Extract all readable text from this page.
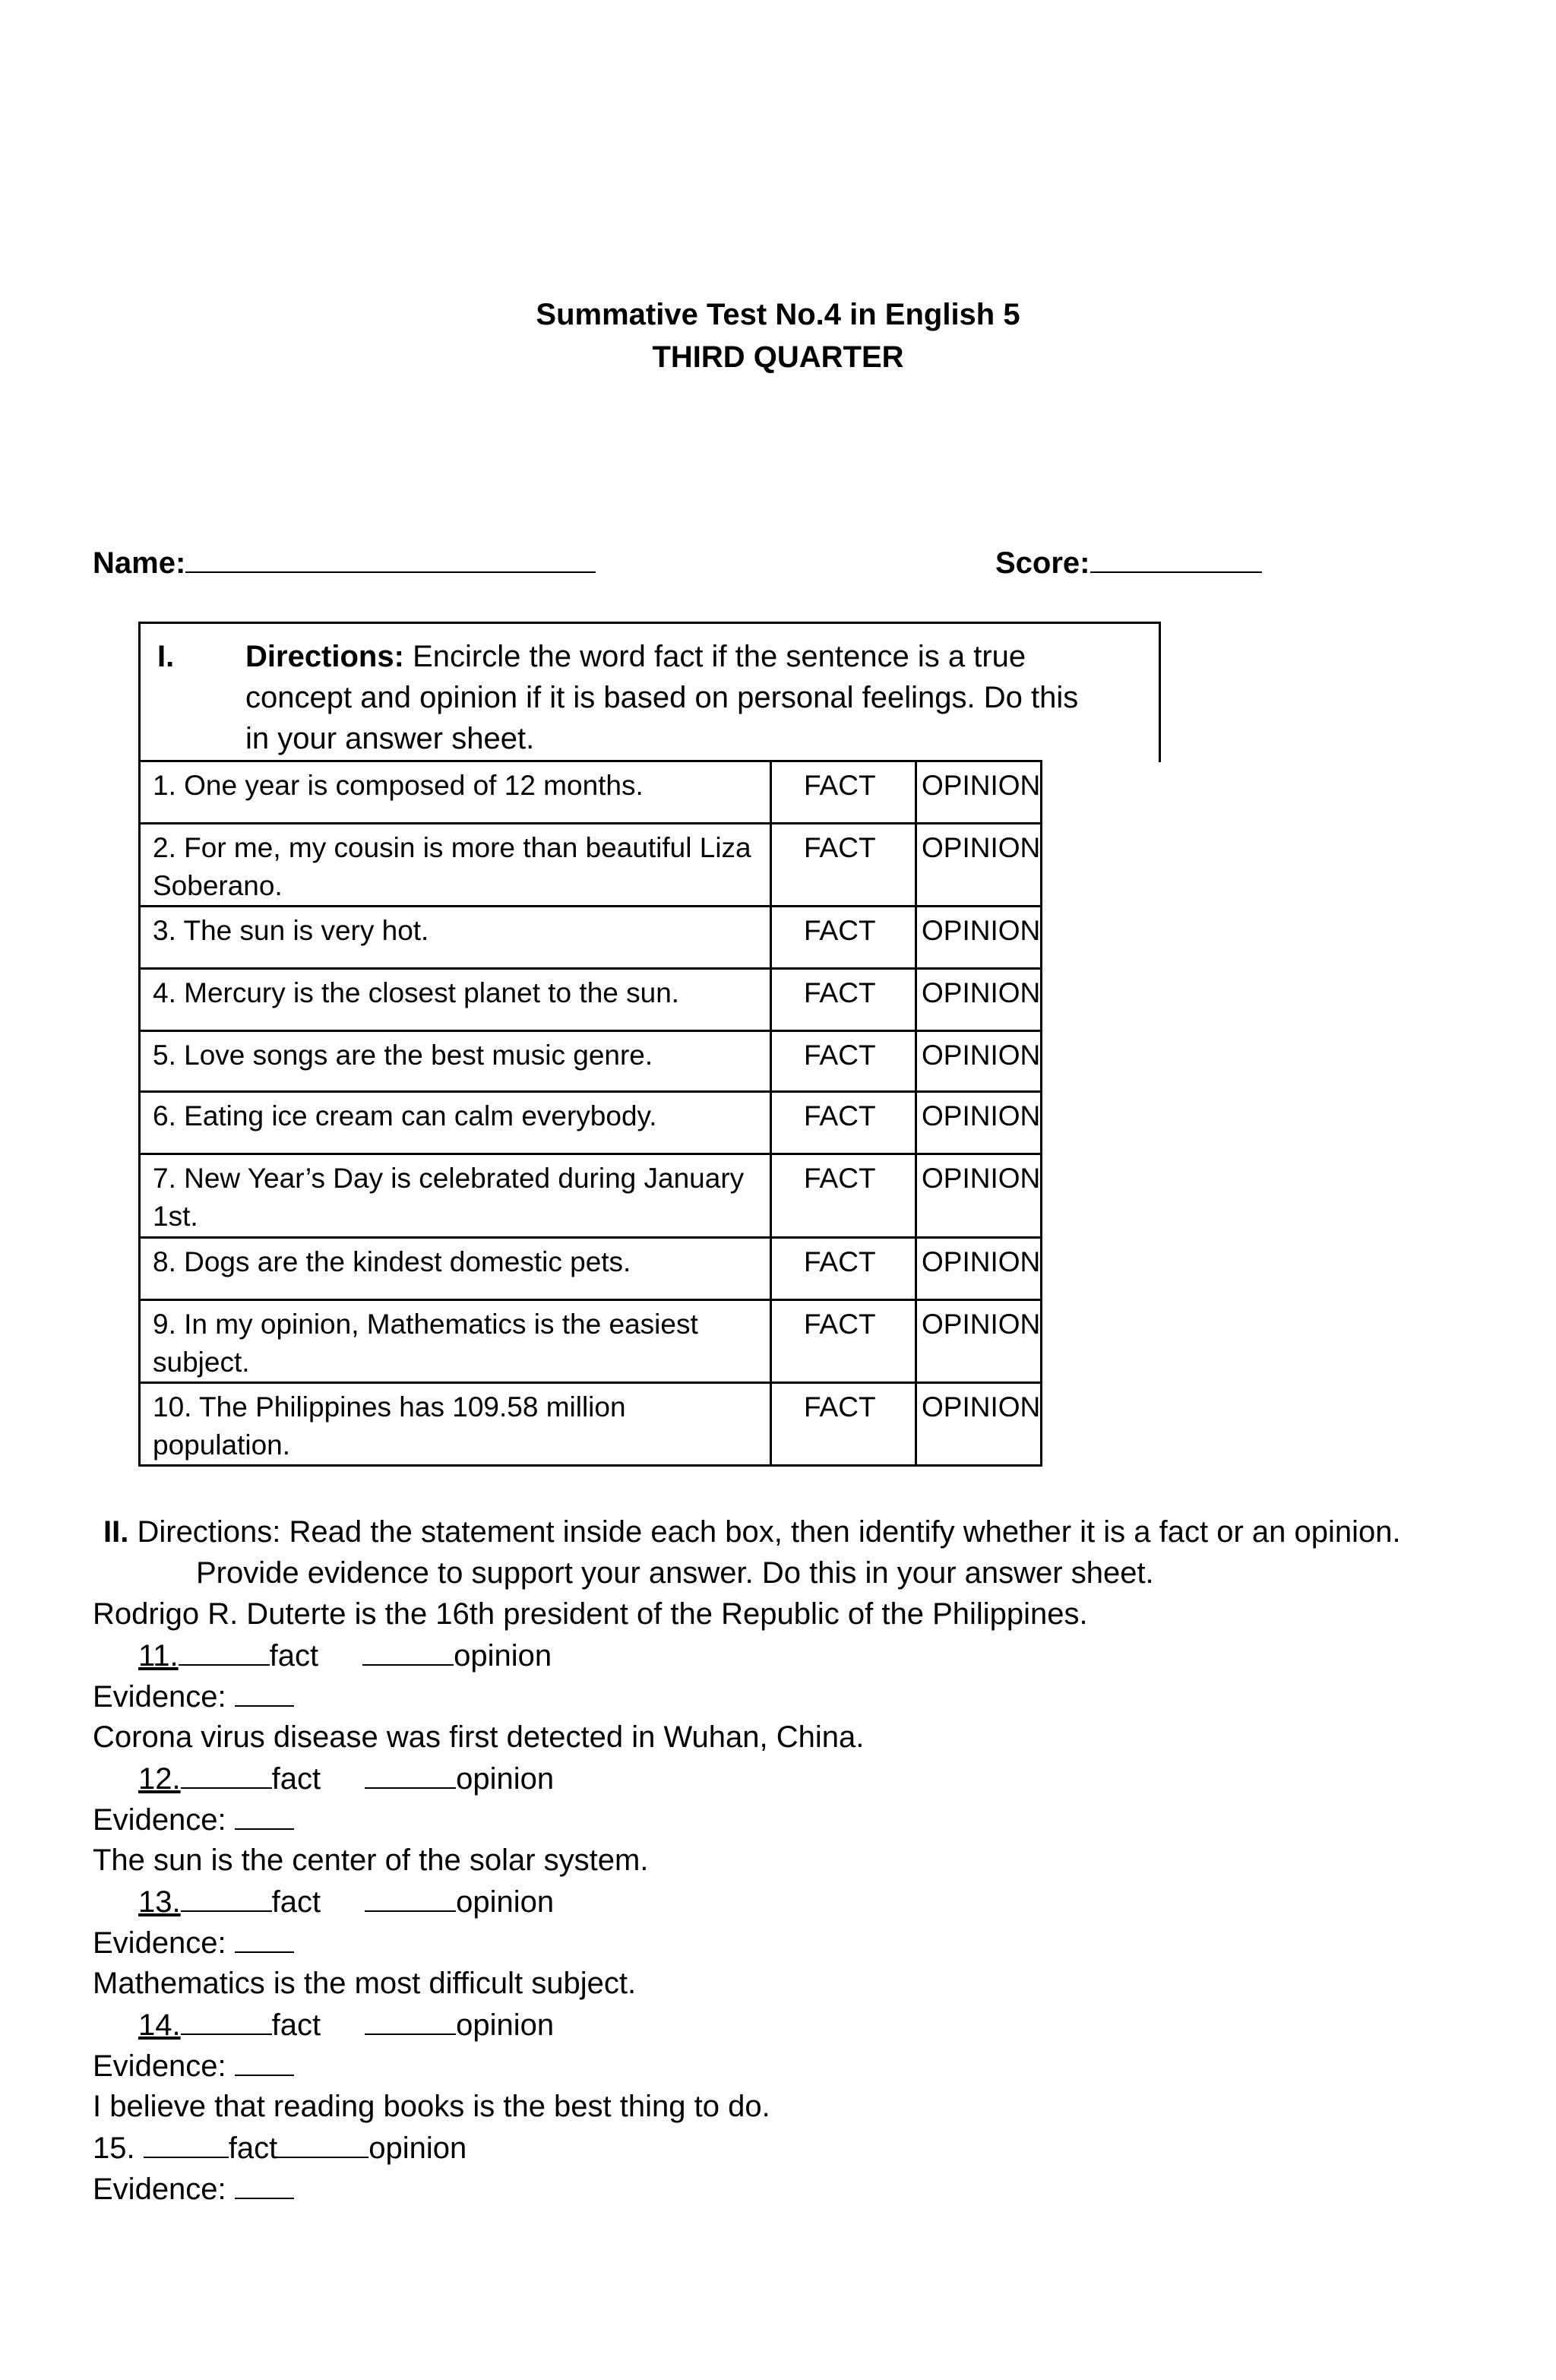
Summative Test No.4 in English 5
THIRD QUARTER
Name:	Score:
I. Directions: Encircle the word fact if the sentence is a true
concept and opinion if it is based on personal feelings. Do this
in your answer sheet.
1. One year is composed of 12 months.	FACT	OPINION
2. For me, my cousin is more than beautiful Liza
Soberano.	FACT	OPINION
3. The sun is very hot.	FACT	OPINION
4. Mercury is the closest planet to the sun.	FACT	OPINION
5. Love songs are the best music genre.	FACT	OPINION
6. Eating ice cream can calm everybody.	FACT	OPINION
7. New Year’s Day is celebrated during January
1st.	FACT	OPINION
8. Dogs are the kindest domestic pets.	FACT	OPINION
9. In my opinion, Mathematics is the easiest
subject.	FACT	OPINION
10. The Philippines has 109.58 million population.	FACT	OPINION
II. Directions: Read the statement inside each box, then identify whether it is a fact or an opinion.
Provide evidence to support your answer. Do this in your answer sheet.
Rodrigo R. Duterte is the 16th president of the Republic of the Philippines.
11.	fact	opinion
Evidence:
Corona virus disease was first detected in Wuhan, China.
12.	fact	opinion
Evidence:
The sun is the center of the solar system.
13.	fact	opinion
Evidence:
Mathematics is the most difficult subject.
14.	fact	opinion
Evidence:
I believe that reading books is the best thing to do.
15.	fact	opinion
Evidence:
